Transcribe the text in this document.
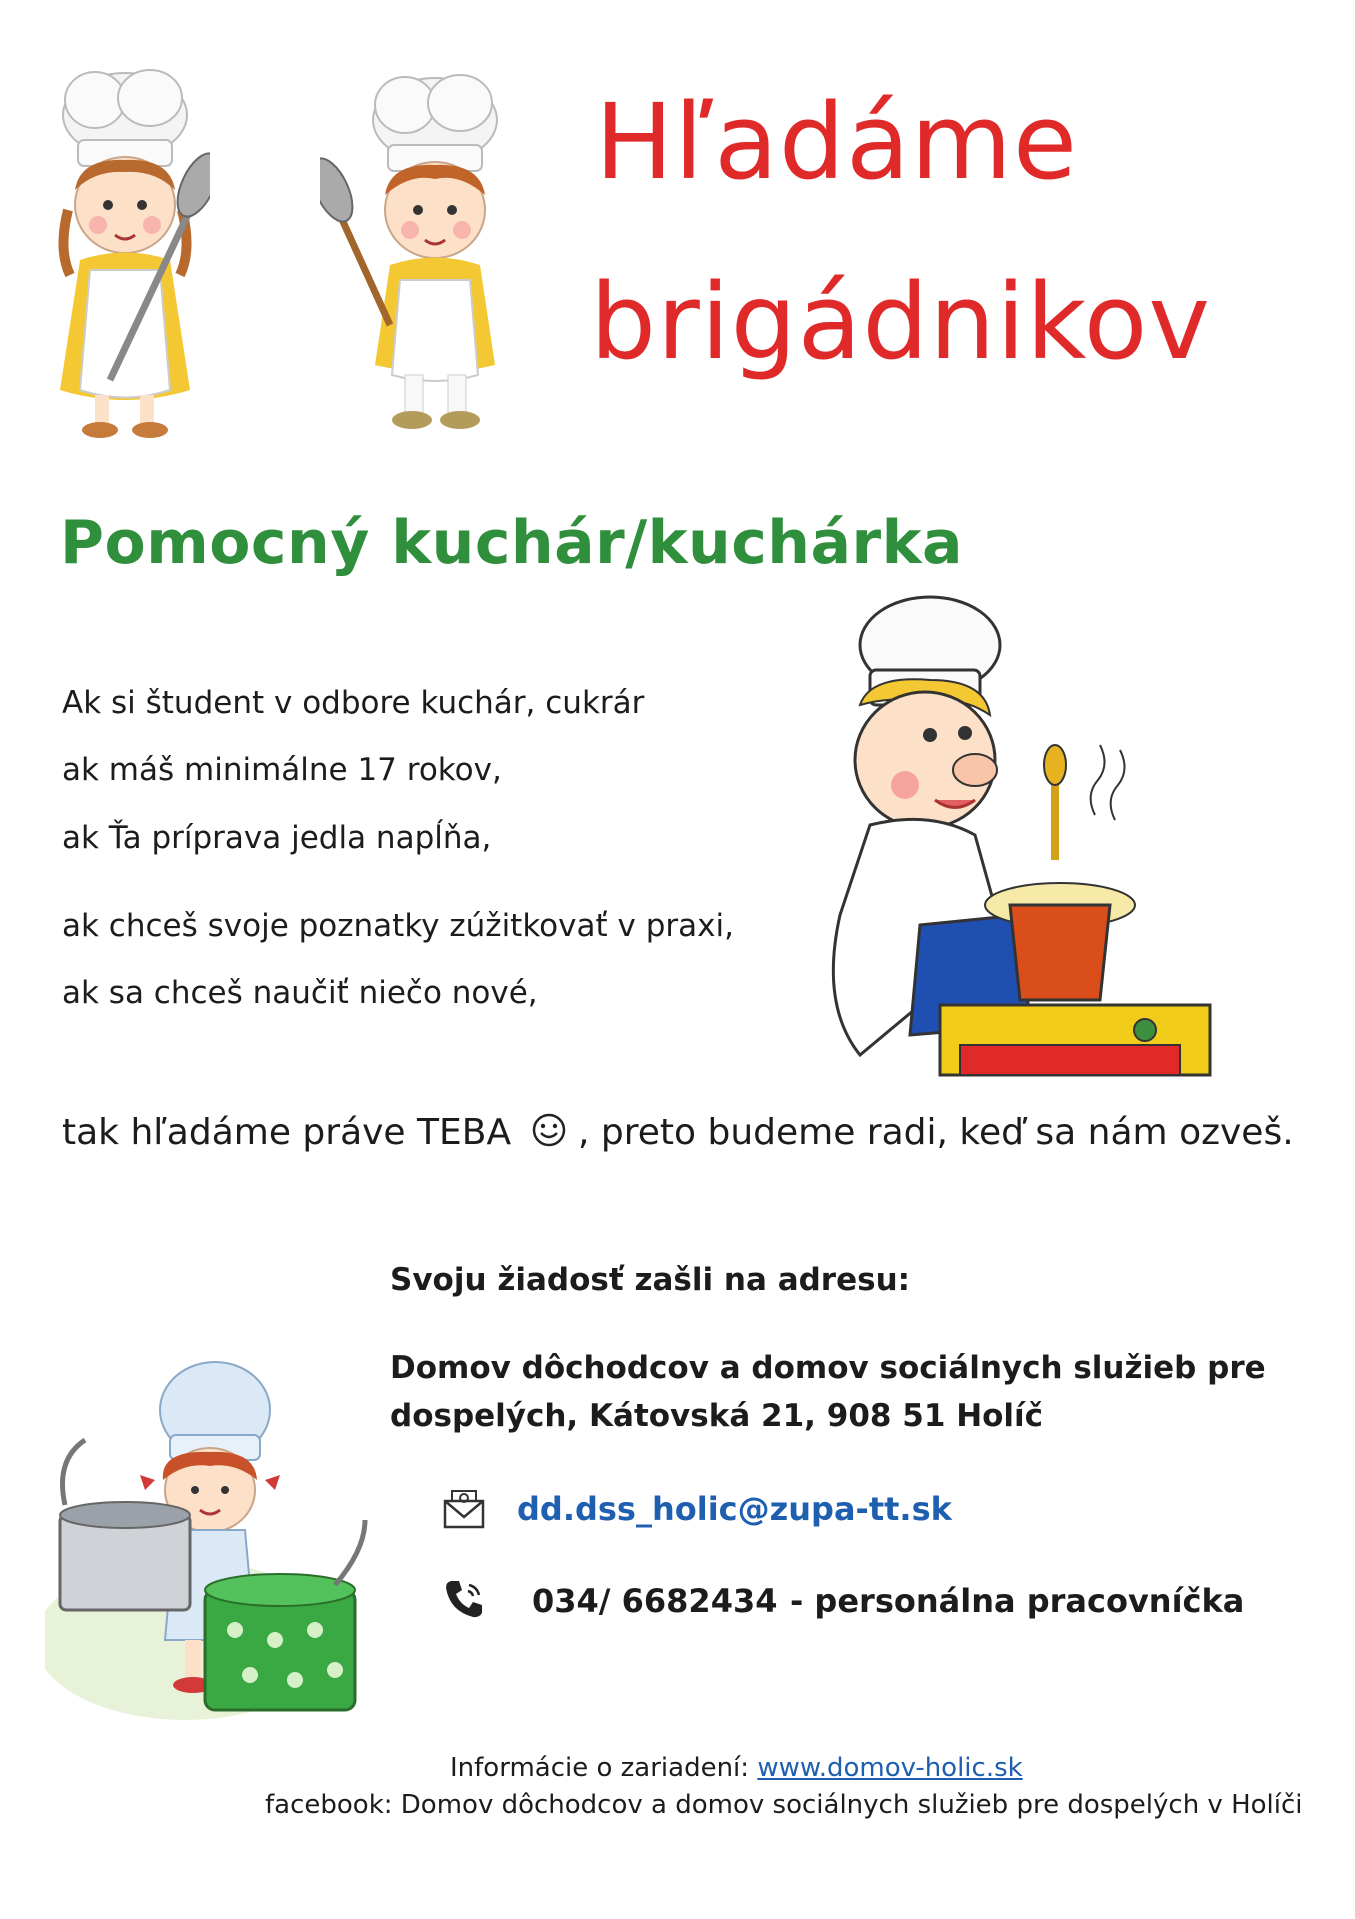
Hľadáme
brigádnikov
Pomocný kuchár/kuchárka
Ak si študent v odbore kuchár, cukrár
ak máš minimálne 17 rokov,
ak Ťa príprava jedla napĺňa,
ak chceš svoje poznatky zúžitkovať v praxi,
ak sa chceš naučiť niečo nové,
tak hľadáme práve TEBA , preto budeme radi, keď sa nám ozveš.
Svoju žiadosť zašli na adresu:
Domov dôchodcov a domov sociálnych služieb pre
dospelých, Kátovská 21, 908 51 Holíč
dd.dss_holic@zupa-tt.sk
034/ 6682434 - personálna pracovníčka
Informácie o zariadení: www.domov-holic.sk
facebook: Domov dôchodcov a domov sociálnych služieb pre dospelých v Holíči
